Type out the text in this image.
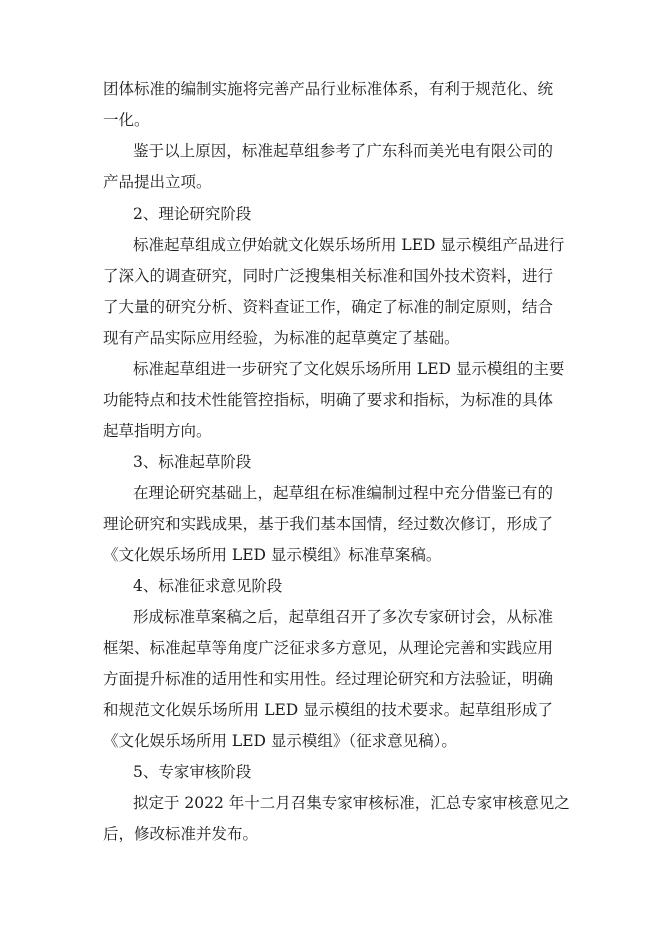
团体标准的编制实施将完善产品行业标准体系，有利于规范化、统
一化。
鉴于以上原因，标准起草组参考了广东科而美光电有限公司的
产品提出立项。
2、理论研究阶段
标准起草组成立伊始就文化娱乐场所用 LED 显示模组产品进行
了深入的调查研究，同时广泛搜集相关标准和国外技术资料，进行
了大量的研究分析、资料查证工作，确定了标准的制定原则，结合
现有产品实际应用经验，为标准的起草奠定了基础。
标准起草组进一步研究了文化娱乐场所用 LED 显示模组的主要
功能特点和技术性能管控指标，明确了要求和指标，为标准的具体
起草指明方向。
3、标准起草阶段
在理论研究基础上，起草组在标准编制过程中充分借鉴已有的
理论研究和实践成果，基于我们基本国情，经过数次修订，形成了
《文化娱乐场所用 LED 显示模组》标准草案稿。
4、标准征求意见阶段
形成标准草案稿之后，起草组召开了多次专家研讨会，从标准
框架、标准起草等角度广泛征求多方意见，从理论完善和实践应用
方面提升标准的适用性和实用性。经过理论研究和方法验证，明确
和规范文化娱乐场所用 LED 显示模组的技术要求。起草组形成了
《文化娱乐场所用 LED 显示模组》（征求意见稿）。
5、专家审核阶段
拟定于 2022 年十二月召集专家审核标准，汇总专家审核意见之
后，修改标准并发布。
